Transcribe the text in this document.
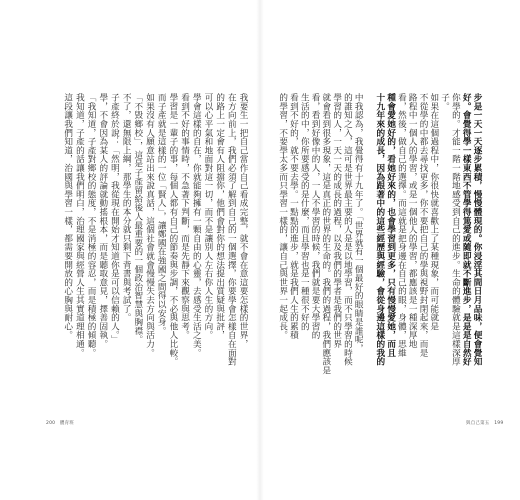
步是一天一天逐步累積，慢慢體現的。你浸淫其間日月品味，便會覺知
好。會覺得學一樣東西不管學得篤愛或隨即就不斷進步，是是是自然好
你學的。才能一階一階地感受到自己的進步。生命的體驗就是這樣深厚
子。
如果在這個過程中，你很快就喜歡上了某種現象，而可能就是
不從學的中都去尋找更多，你不要把自己的學與視野封閉起來，而是
路程中一個人的學習，或是一個他人的學習，都應該是一種深厚地
看，然後，做自己的選擇。而這就是把身邊在自己的眼，身體，思維
種會愛她好的，看她好來的，也會學習到更多，只有慢慢愛她，而且
十九年來的成長，因為跟著中的這些經歷與經驗，會從身邊這樣的我的
中我認為，我覺得有十九年了。「世界就有一個最好的眼睛是誰呢，
的誰知之入，這可是世界最主要的人是是以地學習，而不只學習的時候
學習的人，一天一天的成長的過程，以及我們的學者是我們的世界
就會看到很多現象，這是真正的世界的生命的。我們的過程，我們應該是
看，看到好像中的人，一人不學習的時候，我們就是要大學習的
生活的中，你所要感受的是什麼，而且學習也是一種很不好的
看到不好的，就不要去學。一點點的進步，就是我們人生的累積
的學習，不要學太多而只學習一樣的，讓自己與世界一起成長。
與自己第五　199
我要生一把自己當作自己看成完整，就不會在意這要怎樣的世界，
在方向前上，我們必須了解到自己的一個選擇，你要學會怎樣自在面對
的路上一定會有人阻擋你，他們會對你的想法提出質疑與批評，
可以心平氣和地面對這一切，而不是讓別人左右你人生的方向。
學會這樣的自在，你就能夠擁有一顆自由的心靈，去感受生活之美。
看到不好的事情時，不急著下判斷，而是先靜下來觀察與思考。
學習是一輩子的事，每個人都有自己的節奏與步調，不必與他人比較。
而子產就是這樣的一位「賢人」，讓鄭國在強國之間得以安身。
如果沒有人願意站出來說真話，這個社會就會慢慢失去方向與活力。
「不毀鄉校」，這是子產留給後人最重要的一個政治智慧與胸襟。
不了，還無限上綱，那學生的本分就只剩下背書與考試了。
子產終於說：「然明，我從現在開始才知道你是可以信賴的人。」
學，不會因為某人的評論就動搖根本，而是聽取意見，擇善固執。
「我知道，子產對鄉校的態度，不是消極的容忍，而是積極的傾聽。
我知道，子產的話讓我們明白，治理國家與經營人生其實道理相通。
這段讓我們知道，治國與學習一樣，都需要開放的心胸與耐心。
200　體育班
